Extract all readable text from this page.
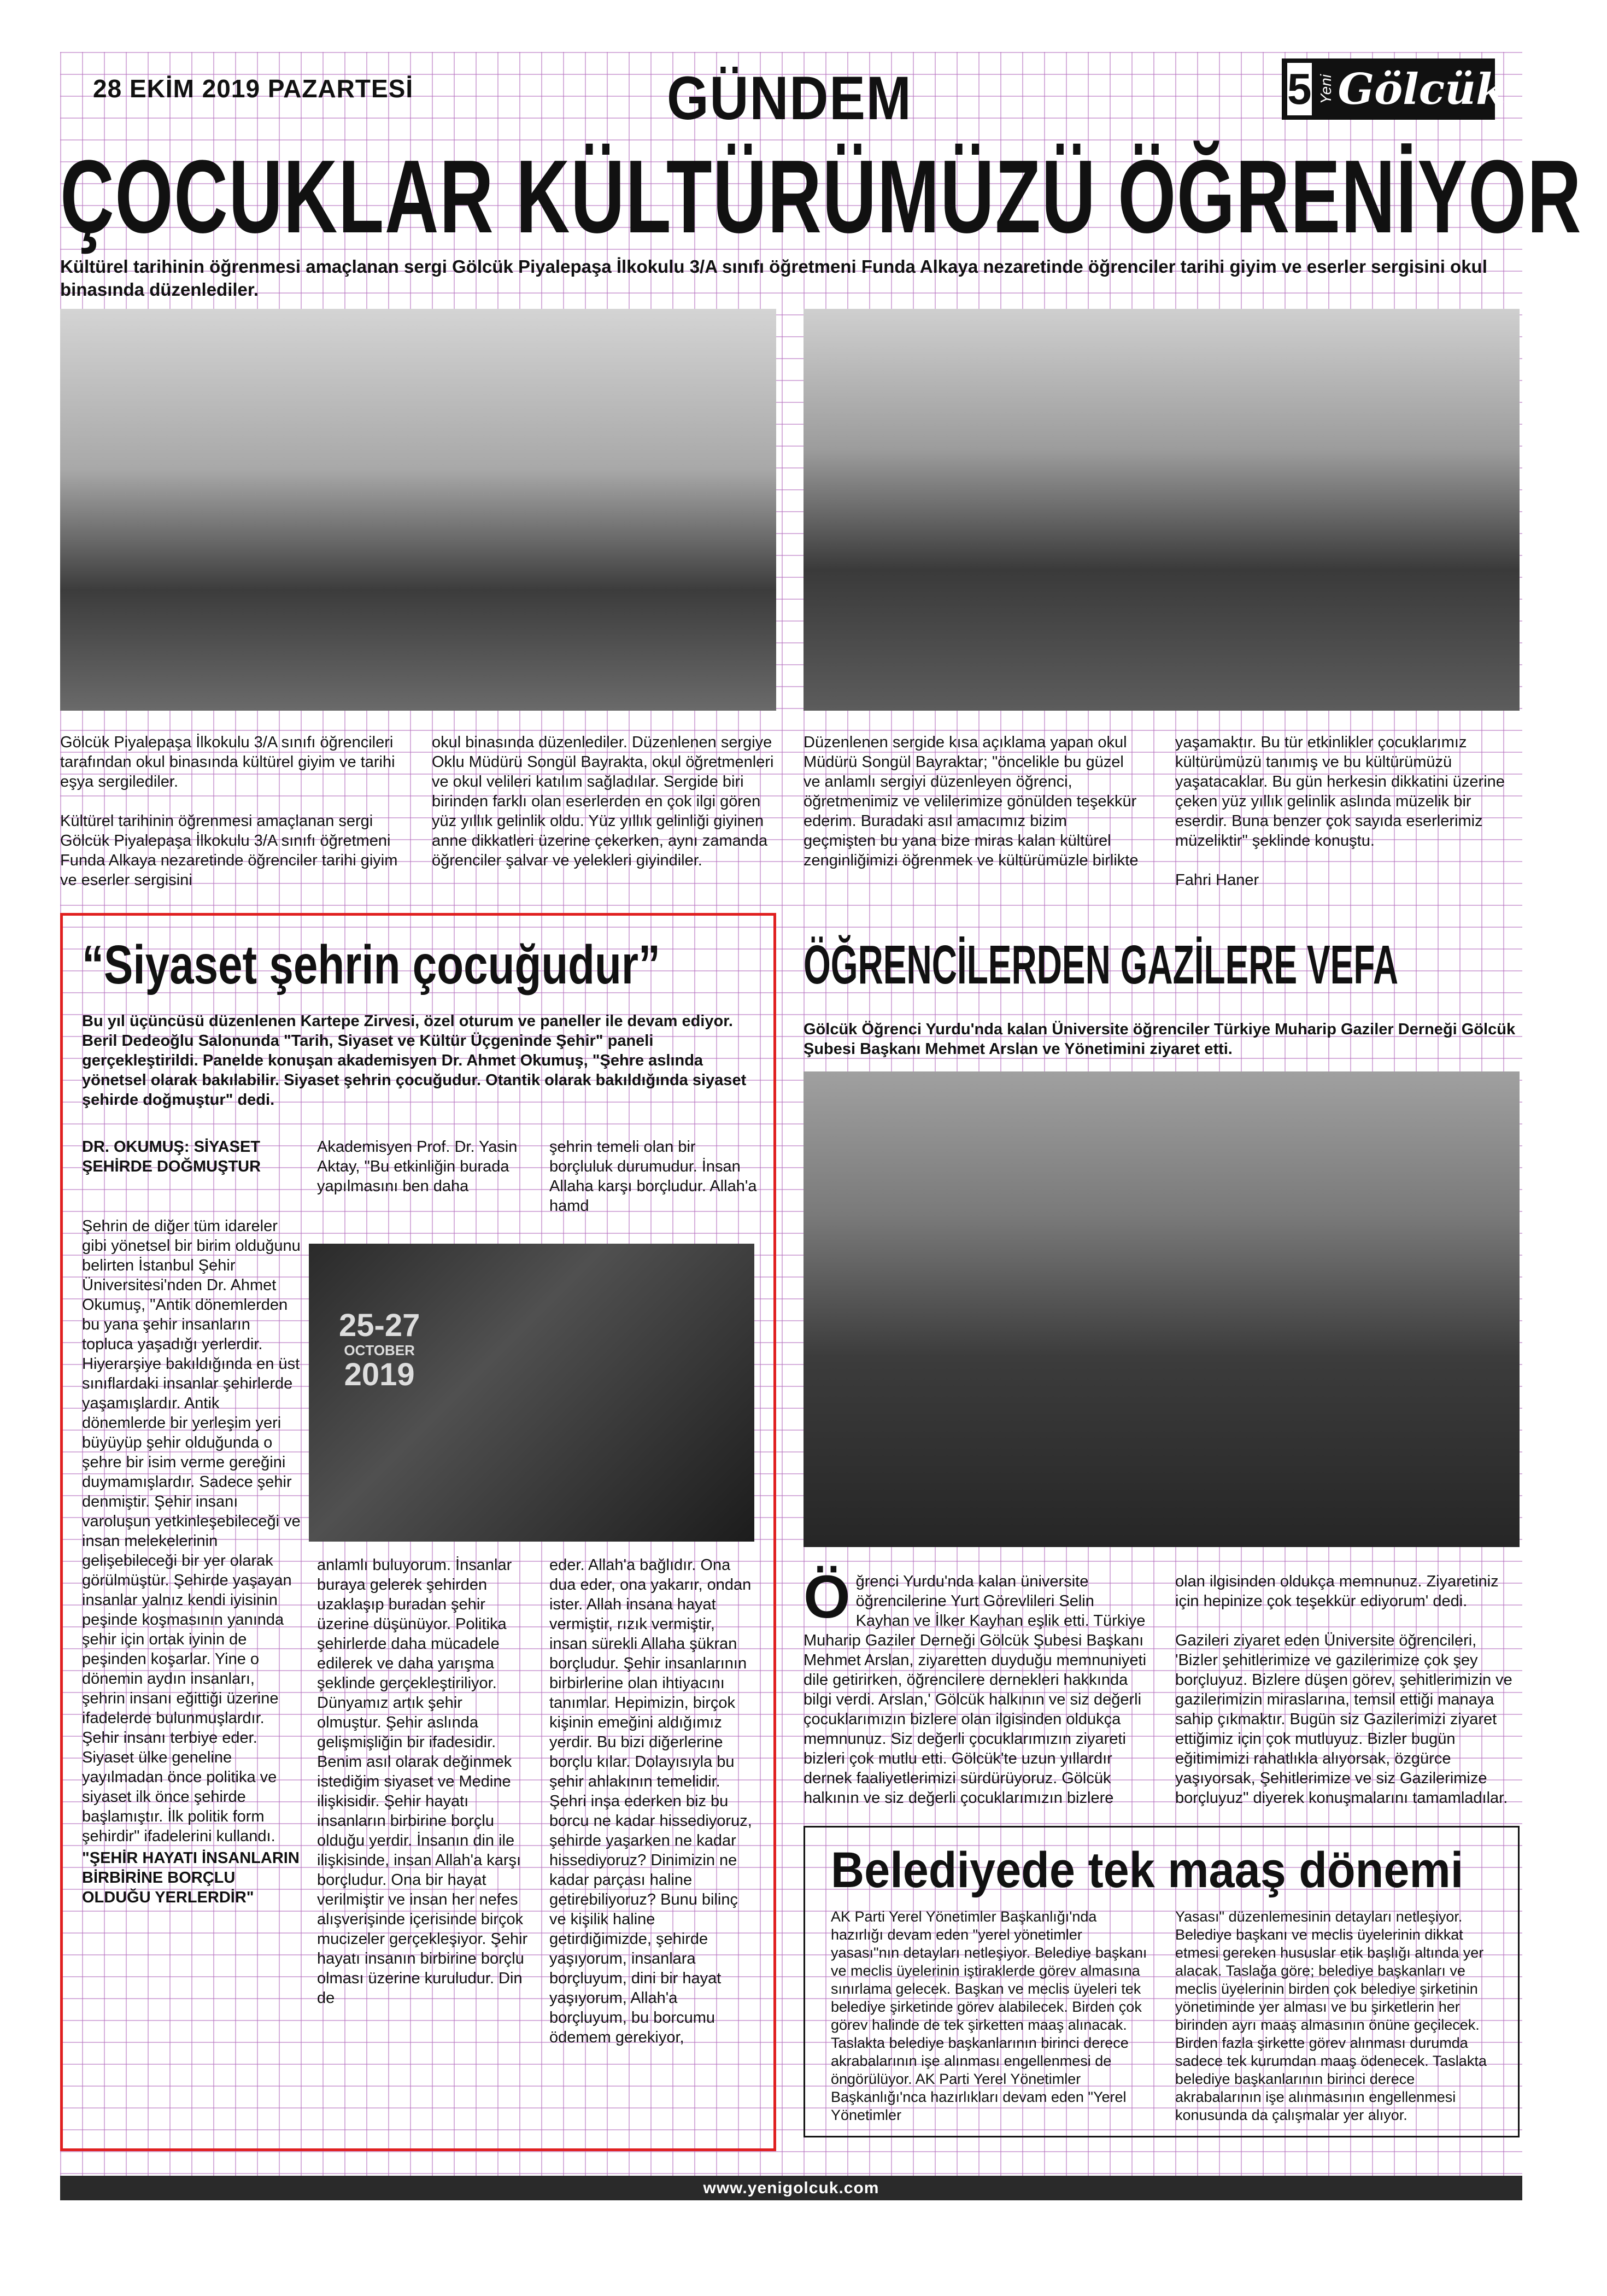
28 EKİM 2019 PAZARTESİ	GÜNDEM	5 Yeni Gölcük
ÇOCUKLAR KÜLTÜRÜMÜZÜ ÖĞRENİYOR
Kültürel tarihinin öğrenmesi amaçlanan sergi Gölcük Piyalepaşa İlkokulu 3/A sınıfı öğretmeni Funda Alkaya nezaretinde öğrenciler tarihi giyim ve eserler sergisini okul binasında düzenlediler.

Gölcük Piyalepaşa İlkokulu 3/A sınıfı öğrencileri tarafından okul binasında kültürel giyim ve tarihi eşya sergilediler.

Kültürel tarihinin öğrenmesi amaçlanan sergi Gölcük Piyalepaşa İlkokulu 3/A sınıfı öğretmeni Funda Alkaya nezaretinde öğrenciler tarihi giyim ve eserler sergisini

okul binasında düzenlediler. Düzenlenen sergiye Oklu Müdürü Songül Bayrakta, okul öğretmenleri ve okul velileri katılım sağladılar. Sergide biri birinden farklı olan eserlerden en çok ilgi gören yüz yıllık gelinlik oldu. Yüz yıllık gelinliği giyinen anne dikkatleri üzerine çekerken, aynı zamanda öğrenciler şalvar ve yelekleri giyindiler.

Düzenlenen sergide kısa açıklama yapan okul Müdürü Songül Bayraktar; "öncelikle bu güzel ve anlamlı sergiyi düzenleyen öğrenci, öğretmenimiz ve velilerimize gönülden teşekkür ederim. Buradaki asıl amacımız bizim geçmişten bu yana bize miras kalan kültürel zenginliğimizi öğrenmek ve kültürümüzle birlikte

yaşamaktır. Bu tür etkinlikler çocuklarımız kültürümüzü tanımış ve bu kültürümüzü yaşatacaklar. Bu gün herkesin dikkatini üzerine çeken yüz yıllık gelinlik aslında müzelik bir eserdir. Buna benzer çok sayıda eserlerimiz müzeliktir" şeklinde konuştu.

Fahri Haner

“Siyaset şehrin çocuğudur”
Bu yıl üçüncüsü düzenlenen Kartepe Zirvesi, özel oturum ve paneller ile devam ediyor. Beril Dedeoğlu Salonunda "Tarih, Siyaset ve Kültür Üçgeninde Şehir" paneli gerçekleştirildi. Panelde konuşan akademisyen Dr. Ahmet Okumuş, "Şehre aslında yönetsel olarak bakılabilir. Siyaset şehrin çocuğudur. Otantik olarak bakıldığında siyaset şehirde doğmuştur" dedi.
DR. OKUMUŞ: SİYASET ŞEHİRDE DOĞMUŞTUR

Şehrin de diğer tüm idareler gibi yönetsel bir birim olduğunu belirten İstanbul Şehir Üniversitesi'nden Dr. Ahmet Okumuş, "Antik dönemlerden bu yana şehir insanların topluca yaşadığı yerlerdir. Hiyerarşiye bakıldığında en üst sınıflardaki insanlar şehirlerde yaşamışlardır. Antik dönemlerde bir yerleşim yeri büyüyüp şehir olduğunda o şehre bir isim verme gereğini duymamışlardır. Sadece şehir denmiştir. Şehir insanı varoluşun yetkinleşebileceği ve insan melekelerinin gelişebileceği bir yer olarak görülmüştür. Şehirde yaşayan insanlar yalnız kendi iyisinin peşinde koşmasının yanında şehir için ortak iyinin de peşinden koşarlar. Yine o dönemin aydın insanları, şehrin insanı eğittiği üzerine ifadelerde bulunmuşlardır. Şehir insanı terbiye eder. Siyaset ülke geneline yayılmadan önce politika ve siyaset ilk önce şehirde başlamıştır. İlk politik form şehirdir" ifadelerini kullandı.

"ŞEHİR HAYATI İNSANLARIN BİRBİRİNE BORÇLU OLDUĞU YERLERDİR"
Akademisyen Prof. Dr. Yasin Aktay, "Bu etkinliğin burada yapılmasını ben daha
şehrin temeli olan bir borçluluk durumudur. İnsan Allaha karşı borçludur. Allah'a hamd
25-27
OCTOBER
2019
anlamlı buluyorum. İnsanlar buraya gelerek şehirden uzaklaşıp buradan şehir üzerine düşünüyor. Politika şehirlerde daha mücadele edilerek ve daha yarışma şeklinde gerçekleştiriliyor. Dünyamız artık şehir olmuştur. Şehir aslında gelişmişliğin bir ifadesidir. Benim asıl olarak değinmek istediğim siyaset ve Medine ilişkisidir. Şehir hayatı insanların birbirine borçlu olduğu yerdir. İnsanın din ile ilişkisinde, insan Allah'a karşı borçludur. Ona bir hayat verilmiştir ve insan her nefes alışverişinde içerisinde birçok mucizeler gerçekleşiyor. Şehir hayatı insanın birbirine borçlu olması üzerine kuruludur. Din de
eder. Allah'a bağlıdır. Ona dua eder, ona yakarır, ondan ister. Allah insana hayat vermiştir, rızık vermiştir, insan sürekli Allaha şükran borçludur. Şehir insanlarının birbirlerine olan ihtiyacını tanımlar. Hepimizin, birçok kişinin emeğini aldığımız yerdir. Bu bizi diğerlerine borçlu kılar. Dolayısıyla bu şehir ahlakının temelidir. Şehri inşa ederken biz bu borcu ne kadar hissediyoruz, şehirde yaşarken ne kadar hissediyoruz? Dinimizin ne kadar parçası haline getirebiliyoruz? Bunu bilinç ve kişilik haline getirdiğimizde, şehirde yaşıyorum, insanlara borçluyum, dini bir hayat yaşıyorum, Allah'a borçluyum, bu borcumu ödemem gerekiyor,
ÖĞRENCİLERDEN GAZİLERE VEFA
Gölcük Öğrenci Yurdu'nda kalan Üniversite öğrenciler Türkiye Muharip Gaziler Derneği Gölcük Şubesi Başkanı Mehmet Arslan ve Yönetimini ziyaret etti.
Ö ğrenci Yurdu'nda kalan üniversite öğrencilerine Yurt Görevlileri Selin Kayhan ve İlker Kayhan eşlik etti. Türkiye Muharip Gaziler Derneği Gölcük Şubesi Başkanı Mehmet Arslan, ziyaretten duyduğu memnuniyeti dile getirirken, öğrencilere dernekleri hakkında bilgi verdi. Arslan,' Gölcük halkının ve siz değerli çocuklarımızın bizlere olan ilgisinden oldukça memnunuz. Siz değerli çocuklarımızın ziyareti bizleri çok mutlu etti. Gölcük'te uzun yıllardır dernek faaliyetlerimizi sürdürüyoruz. Gölcük halkının ve siz değerli çocuklarımızın bizlere

olan ilgisinden oldukça memnunuz. Ziyaretiniz için hepinize çok teşekkür ediyorum' dedi.

Gazileri ziyaret eden Üniversite öğrencileri, 'Bizler şehitlerimize ve gazilerimize çok şey borçluyuz. Bizlere düşen görev, şehitlerimizin ve gazilerimizin miraslarına, temsil ettiği manaya sahip çıkmaktır. Bugün siz Gazilerimizi ziyaret ettiğimiz için çok mutluyuz. Bizler bugün eğitimimizi rahatlıkla alıyorsak, özgürce yaşıyorsak, Şehitlerimize ve siz Gazilerimize borçluyuz" diyerek konuşmalarını tamamladılar.

Belediyede tek maaş dönemi
AK Parti Yerel Yönetimler Başkanlığı'nda hazırlığı devam eden "yerel yönetimler yasası"nın detayları netleşiyor. Belediye başkanı ve meclis üyelerinin iştiraklerde görev almasına sınırlama gelecek. Başkan ve meclis üyeleri tek belediye şirketinde görev alabilecek. Birden çok görev halinde de tek şirketten maaş alınacak. Taslakta belediye başkanlarının birinci derece akrabalarının işe alınması engellenmesi de öngörülüyor. AK Parti Yerel Yönetimler Başkanlığı'nca hazırlıkları devam eden "Yerel Yönetimler
Yasası" düzenlemesinin detayları netleşiyor. Belediye başkanı ve meclis üyelerinin dikkat etmesi gereken hususlar etik başlığı altında yer alacak. Taslağa göre; belediye başkanları ve meclis üyelerinin birden çok belediye şirketinin yönetiminde yer alması ve bu şirketlerin her birinden ayrı maaş almasının önüne geçilecek. Birden fazla şirkette görev alınması durumda sadece tek kurumdan maaş ödenecek. Taslakta belediye başkanlarının birinci derece akrabalarının işe alınmasının engellenmesi konusunda da çalışmalar yer alıyor.
www.yenigolcuk.com
